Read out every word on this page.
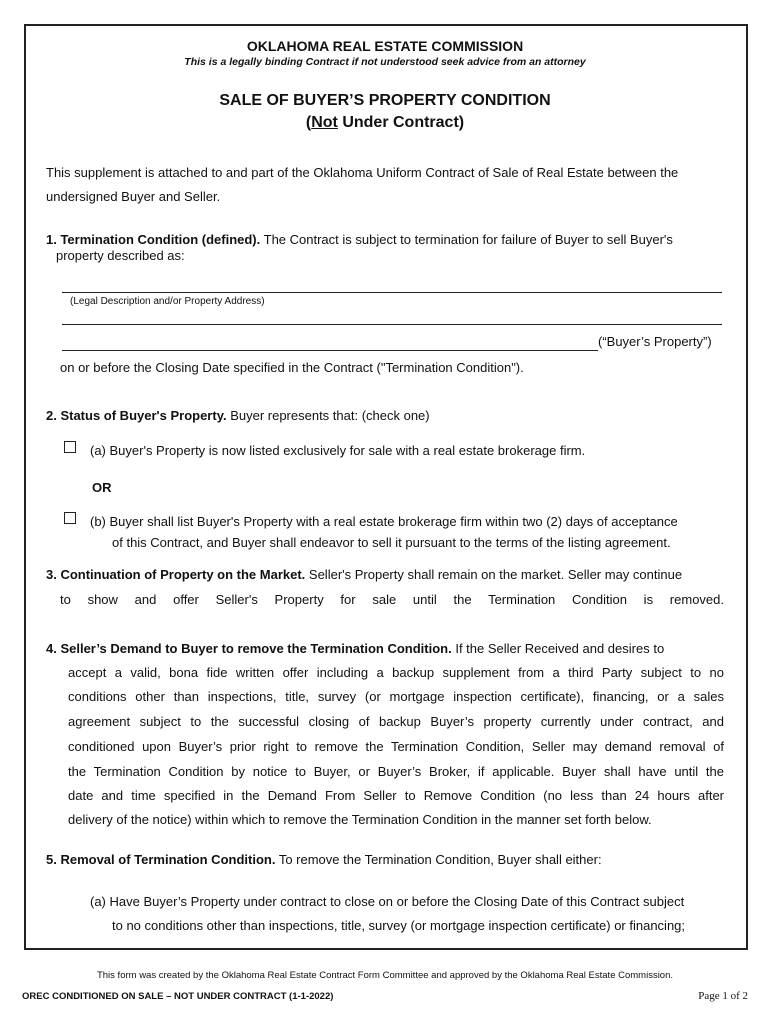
OKLAHOMA REAL ESTATE COMMISSION
This is a legally binding Contract if not understood seek advice from an attorney
SALE OF BUYER’S PROPERTY CONDITION
(Not Under Contract)
This supplement is attached to and part of the Oklahoma Uniform Contract of Sale of Real Estate between the
undersigned Buyer and Seller.
1. Termination Condition (defined). The Contract is subject to termination for failure of Buyer to sell Buyer's
property described as:
(Legal Description and/or Property Address)
(“Buyer’s Property”)
on or before the Closing Date specified in the Contract ("Termination Condition").
2. Status of Buyer's Property. Buyer represents that: (check one)
(a) Buyer's Property is now listed exclusively for sale with a real estate brokerage firm.
OR
(b) Buyer shall list Buyer's Property with a real estate brokerage firm within two (2) days of acceptance
of this Contract, and Buyer shall endeavor to sell it pursuant to the terms of the listing agreement.
3. Continuation of Property on the Market. Seller's Property shall remain on the market. Seller may continue
to show and offer Seller's Property for sale until the Termination Condition is removed.
4. Seller’s Demand to Buyer to remove the Termination Condition. If the Seller Received and desires to
accept a valid, bona fide written offer including a backup supplement from a third Party subject to no
conditions other than inspections, title, survey (or mortgage inspection certificate), financing, or a sales
agreement subject to the successful closing of backup Buyer’s property currently under contract, and
conditioned upon Buyer’s prior right to remove the Termination Condition, Seller may demand removal of
the Termination Condition by notice to Buyer, or Buyer’s Broker, if applicable. Buyer shall have until the
date and time specified in the Demand From Seller to Remove Condition (no less than 24 hours after
delivery of the notice) within which to remove the Termination Condition in the manner set forth below.
5. Removal of Termination Condition. To remove the Termination Condition, Buyer shall either:
(a) Have Buyer’s Property under contract to close on or before the Closing Date of this Contract subject
to no conditions other than inspections, title, survey (or mortgage inspection certificate) or financing;
This form was created by the Oklahoma Real Estate Contract Form Committee and approved by the Oklahoma Real Estate Commission.
OREC CONDITIONED ON SALE – NOT UNDER CONTRACT (1-1-2022)	Page 1 of 2
